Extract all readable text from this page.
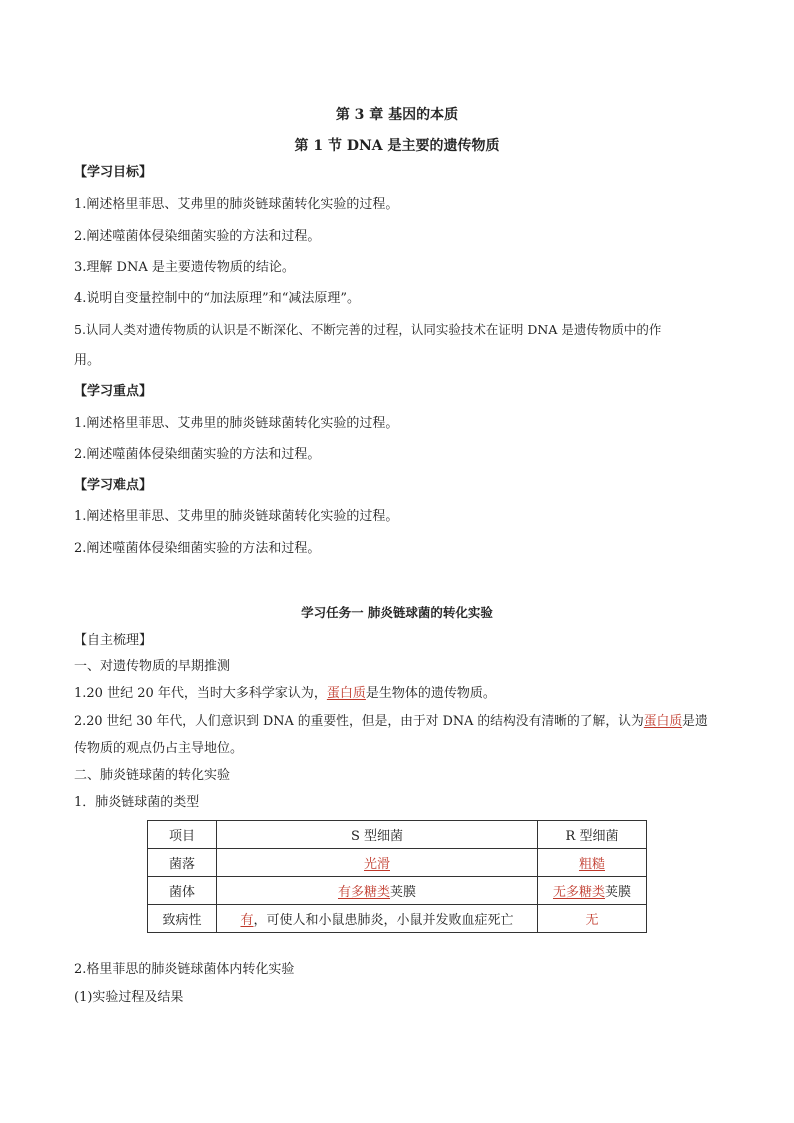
第 3 章 基因的本质
第 1 节 DNA 是主要的遗传物质
【学习目标】
1.阐述格里菲思、艾弗里的肺炎链球菌转化实验的过程。
2.阐述噬菌体侵染细菌实验的方法和过程。
3.理解 DNA 是主要遗传物质的结论。
4.说明自变量控制中的“加法原理”和“减法原理”。
5.认同人类对遗传物质的认识是不断深化、不断完善的过程，认同实验技术在证明 DNA 是遗传物质中的作
用。
【学习重点】
1.阐述格里菲思、艾弗里的肺炎链球菌转化实验的过程。
2.阐述噬菌体侵染细菌实验的方法和过程。
【学习难点】
1.阐述格里菲思、艾弗里的肺炎链球菌转化实验的过程。
2.阐述噬菌体侵染细菌实验的方法和过程。
学习任务一 肺炎链球菌的转化实验
【自主梳理】
一、对遗传物质的早期推测
1.20 世纪 20 年代，当时大多科学家认为，蛋白质是生物体的遗传物质。
2.20 世纪 30 年代，人们意识到 DNA 的重要性，但是，由于对 DNA 的结构没有清晰的了解，认为蛋白质是遗
传物质的观点仍占主导地位。
二、肺炎链球菌的转化实验
1．肺炎链球菌的类型
项目	S 型细菌	R 型细菌
菌落	光滑	粗糙
菌体	有多糖类荚膜	无多糖类荚膜
致病性	有，可使人和小鼠患肺炎，小鼠并发败血症死亡	无
2.格里菲思的肺炎链球菌体内转化实验
(1)实验过程及结果
